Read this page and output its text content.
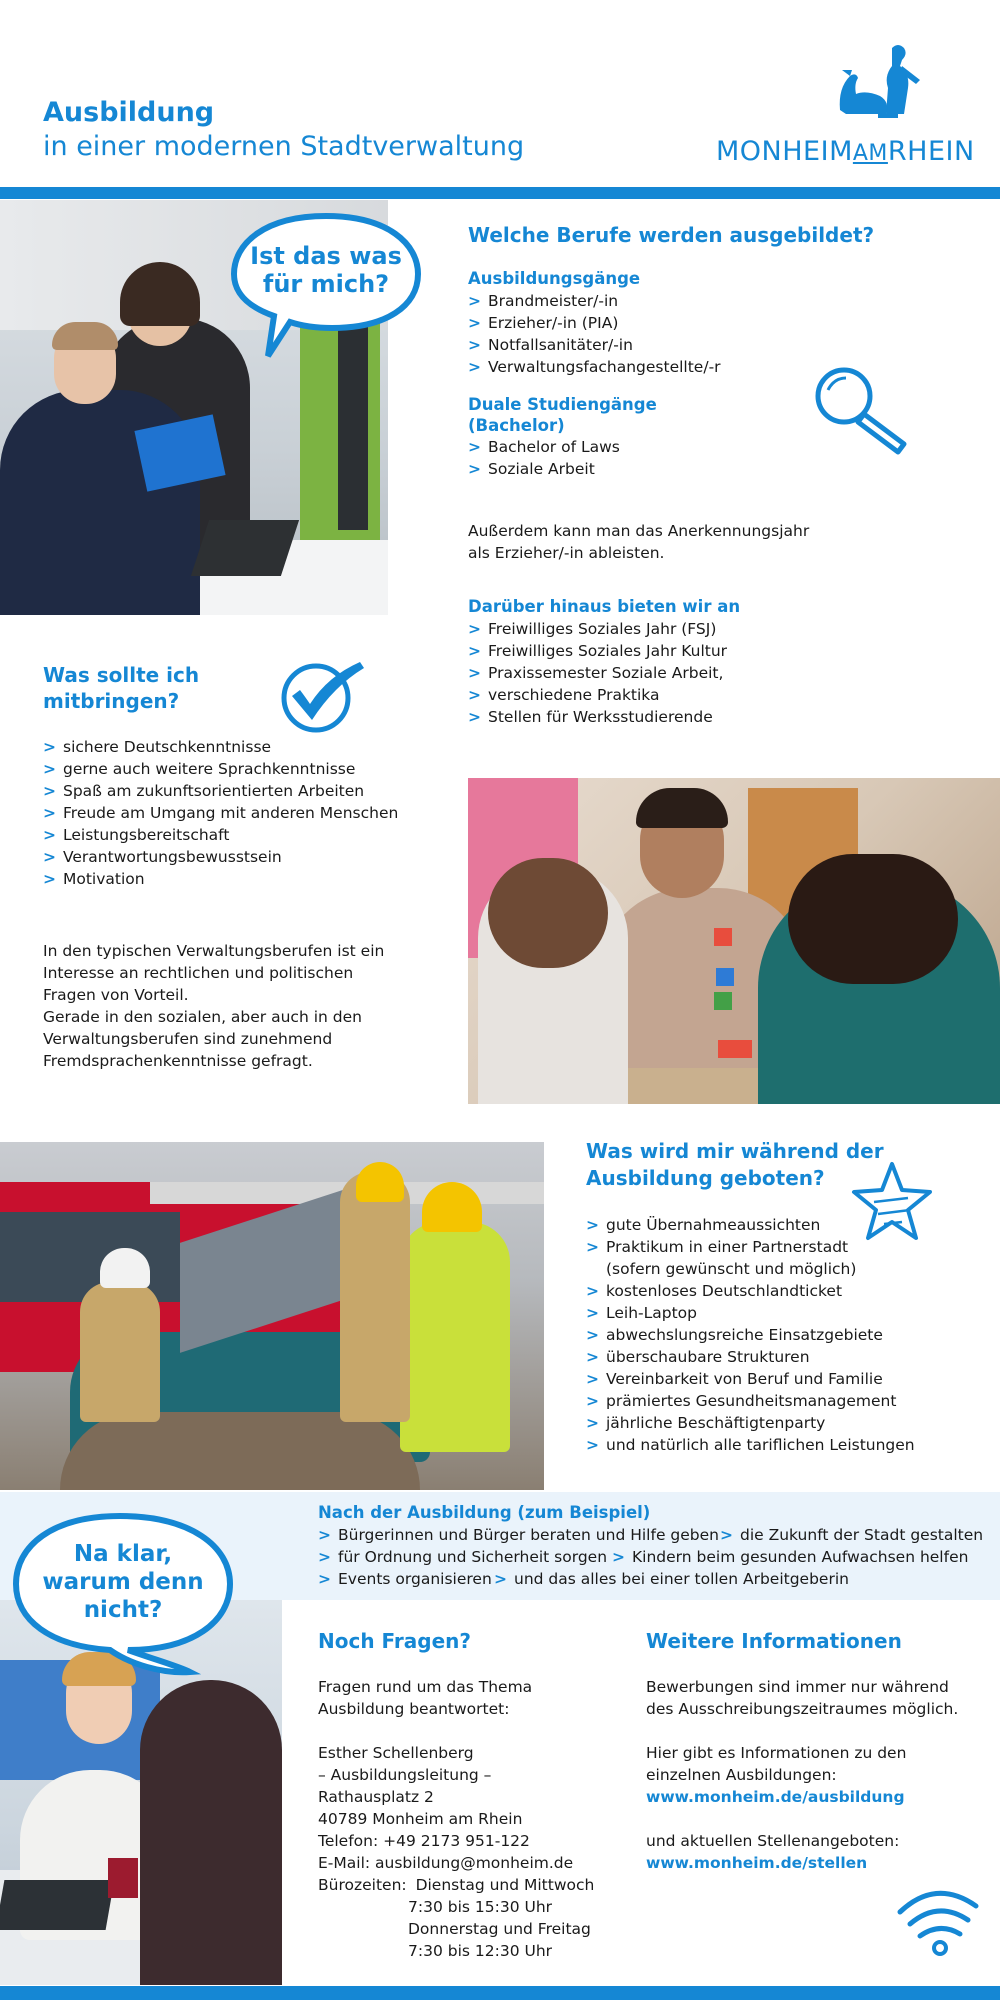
Ausbildung
in einer modernen Stadtverwaltung	MONHEIMAMRHEIN
Ist das was
für mich?
Welche Berufe werden ausgebildet?
Ausbildungsgänge
> Brandmeister/-in
> Erzieher/-in (PIA)
> Notfallsanitäter/-in
> Verwaltungsfachangestellte/-r
Duale Studiengänge
(Bachelor)
> Bachelor of Laws
> Soziale Arbeit
Außerdem kann man das Anerkennungsjahr
als Erzieher/-in ableisten.
Darüber hinaus bieten wir an
> Freiwilliges Soziales Jahr (FSJ)
> Freiwilliges Soziales Jahr Kultur
> Praxissemester Soziale Arbeit,
> verschiedene Praktika
> Stellen für Werksstudierende
Was sollte ich
mitbringen?
> sichere Deutschkenntnisse
> gerne auch weitere Sprachkenntnisse
> Spaß am zukunftsorientierten Arbeiten
> Freude am Umgang mit anderen Menschen
> Leistungsbereitschaft
> Verantwortungsbewusstsein
> Motivation
In den typischen Verwaltungsberufen ist ein
Interesse an rechtlichen und politischen
Fragen von Vorteil.
Gerade in den sozialen, aber auch in den
Verwaltungsberufen sind zunehmend
Fremdsprachenkenntnisse gefragt.
Was wird mir während der
Ausbildung geboten?
> gute Übernahmeaussichten
> Praktikum in einer Partnerstadt
(sofern gewünscht und möglich)
> kostenloses Deutschlandticket
> Leih-Laptop
> abwechslungsreiche Einsatzgebiete
> überschaubare Strukturen
> Vereinbarkeit von Beruf und Familie
> prämiertes Gesundheitsmanagement
> jährliche Beschäftigtenparty
> und natürlich alle tariflichen Leistungen
Nach der Ausbildung (zum Beispiel)
> Bürgerinnen und Bürger beraten und Hilfe geben	> die Zukunft der Stadt gestalten
> für Ordnung und Sicherheit sorgen	> Kindern beim gesunden Aufwachsen helfen
> Events organisieren	> und das alles bei einer tollen Arbeitgeberin
Na klar,
warum denn
nicht?
Noch Fragen?
Fragen rund um das Thema
Ausbildung beantwortet:
Esther Schellenberg
– Ausbildungsleitung –
Rathausplatz 2
40789 Monheim am Rhein
Telefon: +49 2173 951-122
E-Mail: ausbildung@monheim.de
Bürozeiten: Dienstag und Mittwoch
7:30 bis 15:30 Uhr
Donnerstag und Freitag
7:30 bis 12:30 Uhr
Weitere Informationen
Bewerbungen sind immer nur während
des Ausschreibungszeitraumes möglich.
Hier gibt es Informationen zu den
einzelnen Ausbildungen:
www.monheim.de/ausbildung
und aktuellen Stellenangeboten:
www.monheim.de/stellen
